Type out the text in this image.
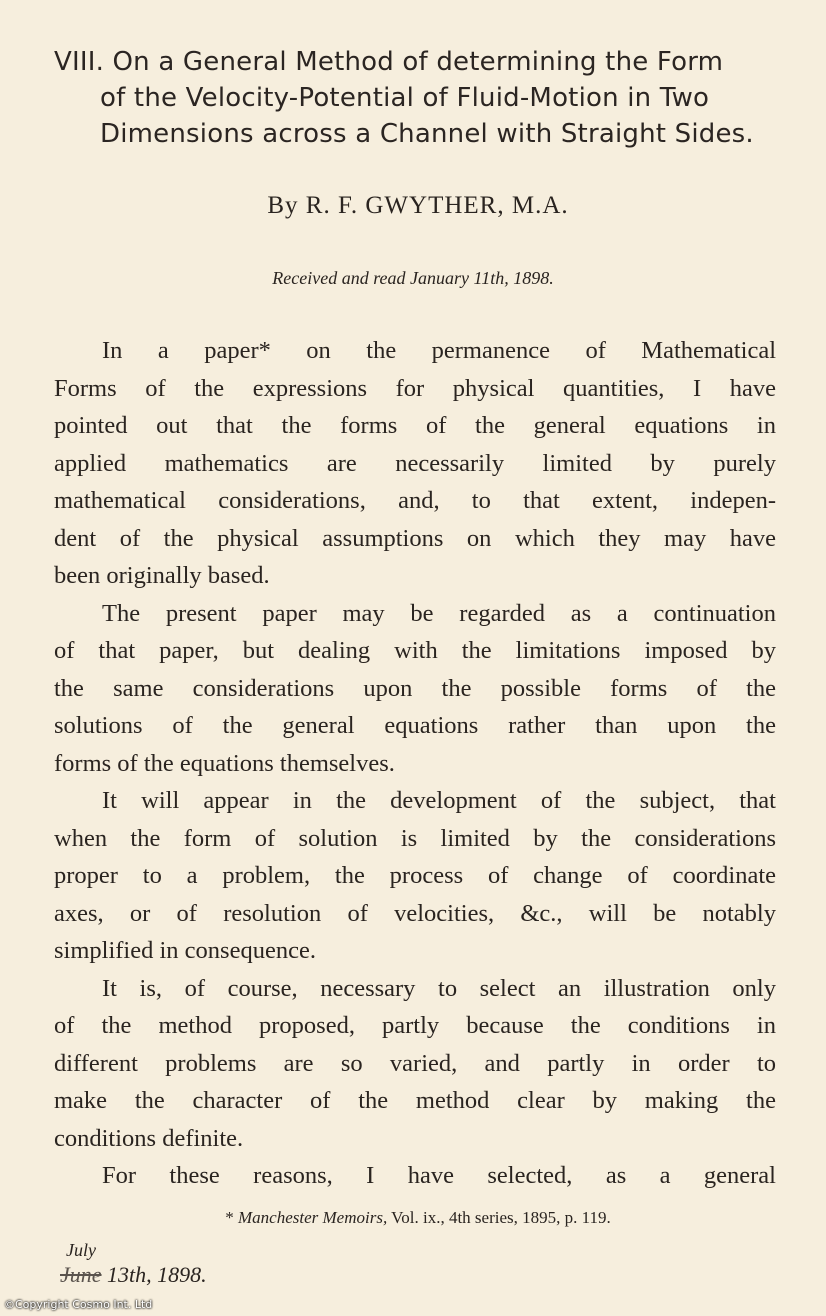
VIII. On a General Method of determining the Form
of the Velocity-Potential of Fluid-Motion in Two
Dimensions across a Channel with Straight Sides.
By R. F. GWYTHER, M.A.
Received and read January 11th, 1898.
In a paper* on the permanence of Mathematical
Forms of the expressions for physical quantities, I have
pointed out that the forms of the general equations in
applied mathematics are necessarily limited by purely
mathematical considerations, and, to that extent, indepen-
dent of the physical assumptions on which they may have
been originally based.
The present paper may be regarded as a continuation
of that paper, but dealing with the limitations imposed by
the same considerations upon the possible forms of the
solutions of the general equations rather than upon the
forms of the equations themselves.
It will appear in the development of the subject, that
when the form of solution is limited by the considerations
proper to a problem, the process of change of coordinate
axes, or of resolution of velocities, &c., will be notably
simplified in consequence.
It is, of course, necessary to select an illustration only
of the method proposed, partly because the conditions in
different problems are so varied, and partly in order to
make the character of the method clear by making the
conditions definite.
For these reasons, I have selected, as a general
* Manchester Memoirs, Vol. ix., 4th series, 1895, p. 119.
July
June 13th, 1898.
©Copyright Cosmo Int. Ltd
